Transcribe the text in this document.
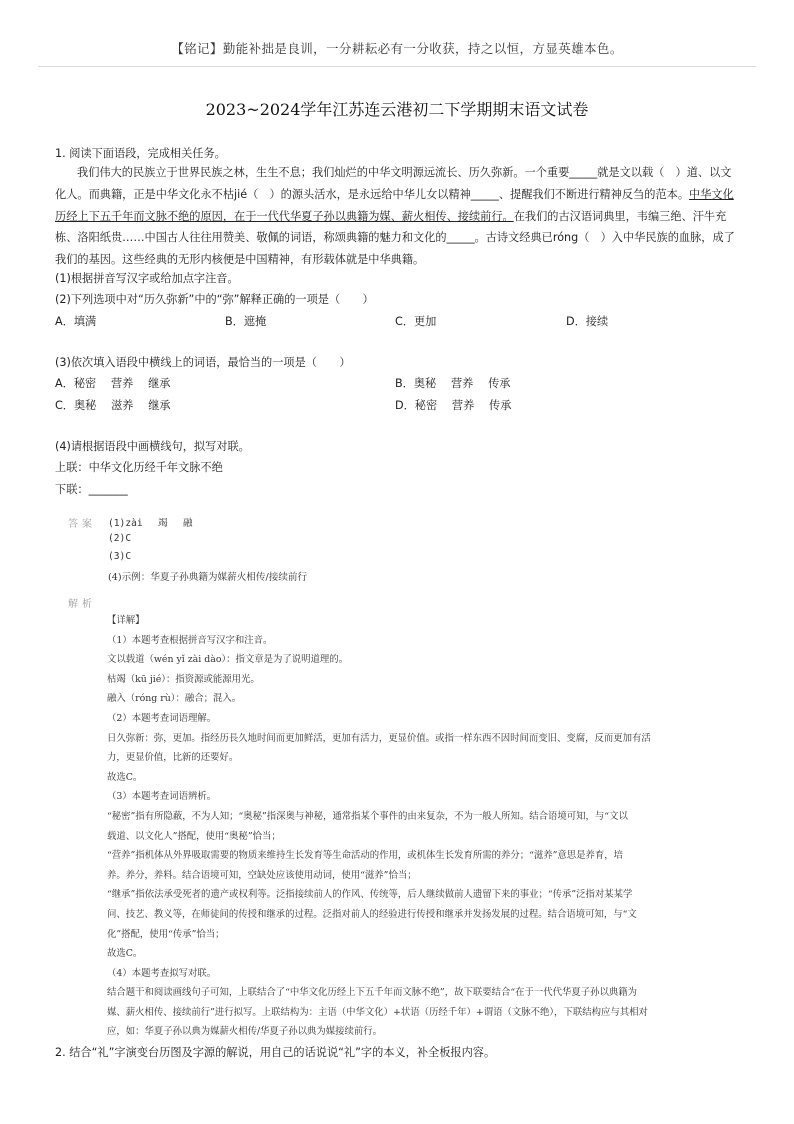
【铭记】勤能补拙是良训，一分耕耘必有一分收获，持之以恒，方显英雄本色。

2023~2024学年江苏连云港初二下学期期末语文试卷

1. 阅读下面语段，完成相关任务。

我们伟大的民族立于世界民族之林，生生不息；我们灿烂的中华文明源远流长、历久弥新。一个重要_____就是文以载（　）道、以文化人。而典籍，正是中华文化永不枯jié（　）的源头活水，是永远给中华儿女以精神_____、提醒我们不断进行精神反刍的范本。中华文化历经上下五千年而文脉不绝的原因，在于一代代华夏子孙以典籍为媒、薪火相传、接续前行。在我们的古汉语词典里，韦编三绝、汗牛充栋、洛阳纸贵……中国古人往往用赞美、敬佩的词语，称颂典籍的魅力和文化的_____。古诗文经典已róng（　）入中华民族的血脉，成了我们的基因。这些经典的无形内核便是中国精神，有形载体就是中华典籍。

(1)根据拼音写汉字或给加点字注音。

(2)下列选项中对“历久弥新”中的“弥”解释正确的一项是（　　）

A．填满	B．遮掩	C．更加	D．接续

(3)依次填入语段中横线上的词语，最恰当的一项是（　　）

A．秘密　 营养　 继承	B．奥秘　 营养　 传承

C．奥秘　 滋养　 继承	D．秘密　 营养　 传承

(4)请根据语段中画横线句，拟写对联。

上联：中华文化历经千年文脉不绝

下联：_______

答案 (1)zài　 竭　 融

(2)C

(3)C

(4)示例：华夏子孙典籍为媒薪火相传/接续前行

解析

【详解】
（1）本题考查根据拼音写汉字和注音。
文以载道（wén yǐ zài dào）：指文章是为了说明道理的。
枯竭（kū jié）：指资源或能源用光。
融入（róng rù）：融合；混入。
（2）本题考查词语理解。
日久弥新：弥，更加。指经历長久地时间而更加鲜活，更加有活力，更显价值。或指一样东西不因时间而变旧、变腐，反而更加有活
力，更显价值，比新的还要好。
故选C。
（3）本题考查词语辨析。
“秘密”指有所隐蔽，不为人知；“奥秘”指深奥与神秘，通常指某个事件的由来复杂，不为一般人所知。结合语境可知，与“文以
载道、以文化人”搭配，使用“奥秘”恰当；
“营养”指机体从外界吸取需要的物质来维持生长发育等生命活动的作用，或机体生长发育所需的养分；“滋养”意思是养育，培
养。养分，养料。结合语境可知，空缺处应该使用动词，使用“滋养”恰当；
“继承”指依法承受死者的遗产或权利等。泛指接续前人的作风、传统等，后人继续做前人遗留下来的事业；“传承”泛指对某某学
问、技艺、教义等，在师徒间的传授和继承的过程。泛指对前人的经验进行传授和继承并发扬发展的过程。结合语境可知，与“文
化”搭配，使用“传承”恰当；
故选C。
（4）本题考查拟写对联。
结合题干和阅读画线句子可知，上联结合了“中华文化历经上下五千年而文脉不绝”，故下联要结合“在于一代代华夏子孙以典籍为
媒、薪火相传、接续前行”进行拟写。上联结构为：主语（中华文化）+状语（历经千年）+谓语（文脉不绝），下联结构应与其相对
应，如：华夏子孙以典为媒薪火相传/华夏子孙以典为媒接续前行。

2. 结合“礼”字演变台历图及字源的解说，用自己的话说说“礼”字的本义，补全板报内容。
